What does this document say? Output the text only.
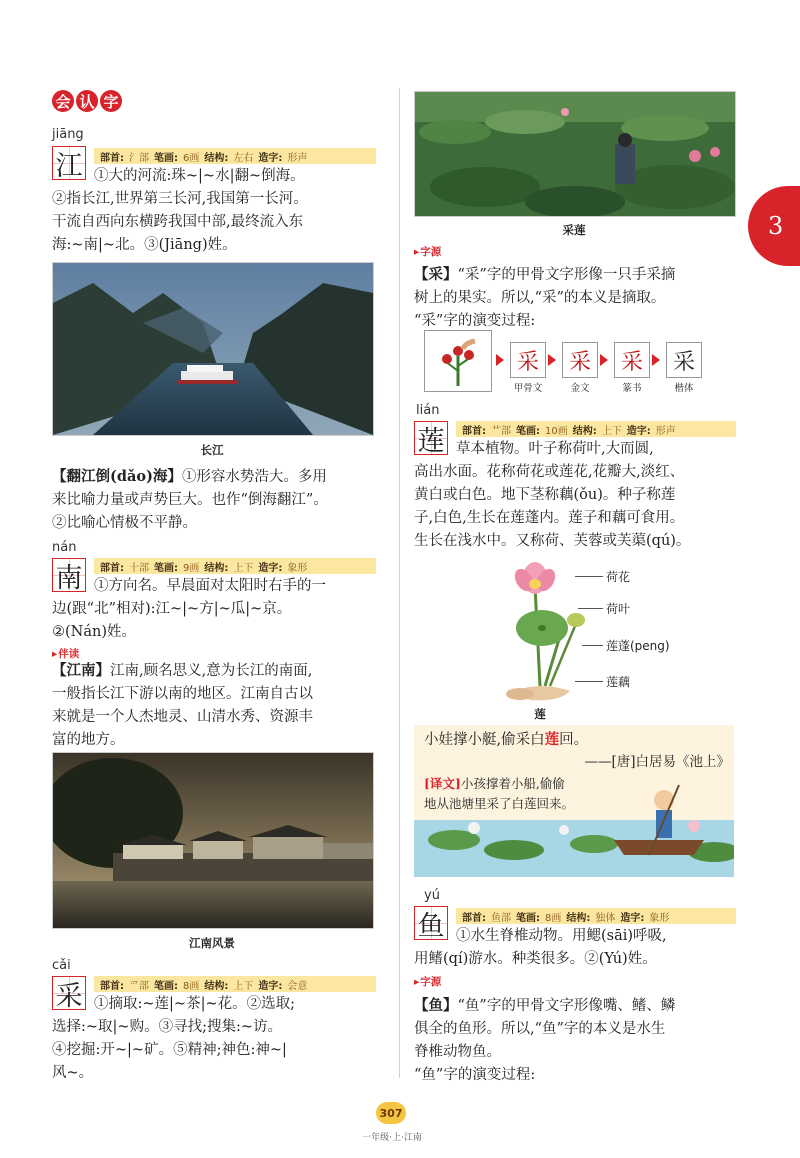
会 认 字
3
jiāng
江	部首: 氵部 笔画: 6画 结构: 左右 造字: 形声
①大的河流:珠~|~水|翻~倒海。
②指长江,世界第三长河,我国第一长河。
干流自西向东横跨我国中部,最终流入东
海:~南|~北。③(Jiāng)姓。
长江
【翻江倒(dǎo)海】①形容水势浩大。多用
来比喻力量或声势巨大。也作“倒海翻江”。
②比喻心情极不平静。
nán
南	部首: 十部 笔画: 9画 结构: 上下 造字: 象形
①方向名。早晨面对太阳时右手的一
边(跟“北”相对):江~|~方|~瓜|~京。
②(Nán)姓。
▸ 伴读
【江南】江南,顾名思义,意为长江的南面,
一般指长江下游以南的地区。江南自古以
来就是一个人杰地灵、山清水秀、资源丰
富的地方。
江南风景
cǎi
采	部首: 爫部 笔画: 8画 结构: 上下 造字: 会意
①摘取:~莲|~茶|~花。②选取;
选择:~取|~购。③寻找;搜集:~访。
④挖掘:开~|~矿。⑤精神;神色:神~|
风~。
采莲
▸ 字源
【采】“采”字的甲骨文字形像一只手采摘
树上的果实。所以,“采”的本义是摘取。
“采”字的演变过程:
采	采	采	采
甲骨文	金文	篆书	楷体
lián
莲	部首: 艹部 笔画: 10画 结构: 上下 造字: 形声
草本植物。叶子称荷叶,大而圆,
高出水面。花称荷花或莲花,花瓣大,淡红、
黄白或白色。地下茎称藕(ǒu)。种子称莲
子,白色,生长在莲蓬内。莲子和藕可食用。
生长在浅水中。又称荷、芙蓉或芙蕖(qú)。
荷花
荷叶
莲蓬(peng)
莲藕
莲
小娃撑小艇,偷采白莲回。
——[唐]白居易《池上》
[译文]小孩撑着小船,偷偷
地从池塘里采了白莲回来。
yú
鱼	部首: 鱼部 笔画: 8画 结构: 独体 造字: 象形
①水生脊椎动物。用鳃(sāi)呼吸,
用鳍(qí)游水。种类很多。②(Yú)姓。
▸ 字源
【鱼】“鱼”字的甲骨文字形像嘴、鳍、鳞
俱全的鱼形。所以,“鱼”字的本义是水生
脊椎动物鱼。
“鱼”字的演变过程:
307
一年级·上·江南
